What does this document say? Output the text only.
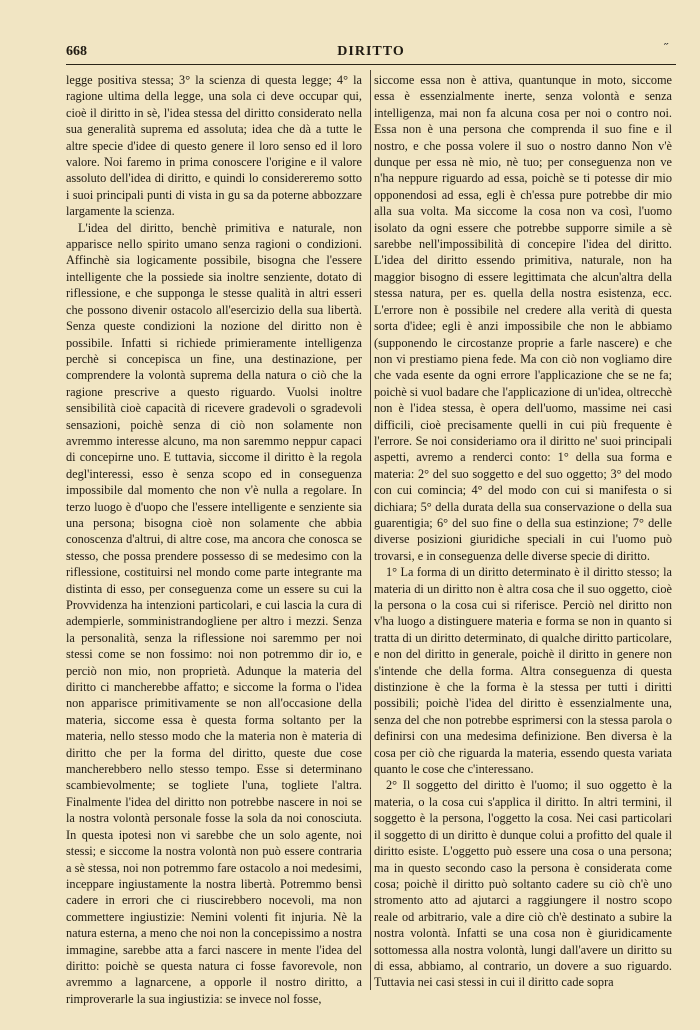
668	DIRITTO	˝

legge positiva stessa; 3° la scienza di questa legge; 4° la ragione ultima della legge, una sola ci deve occupar qui, cioè il diritto in sè, l'idea stessa del diritto considerato nella sua generalità suprema ed assoluta; idea che dà a tutte le altre specie d'idee di questo genere il loro senso ed il loro valore. Noi faremo in prima conoscere l'origine e il valore assoluto dell'idea di diritto, e quindi lo considereremo sotto i suoi principali punti di vista in gu sa da poterne abbozzare largamente la scienza.

L'idea del diritto, benchè primitiva e naturale, non apparisce nello spirito umano senza ragioni o condizioni. Affinchè sia logicamente possibile, bisogna che l'essere intelligente che la possiede sia inoltre senziente, dotato di riflessione, e che supponga le stesse qualità in altri esseri che possono divenir ostacolo all'esercizio della sua libertà. Senza queste condizioni la nozione del diritto non è possibile. Infatti si richiede primieramente intelligenza perchè si concepisca un fine, una destinazione, per comprendere la volontà suprema della natura o ciò che la ragione prescrive a questo riguardo. Vuolsi inoltre sensibilità cioè capacità di ricevere gradevoli o sgradevoli sensazioni, poichè senza di ciò non solamente non avremmo interesse alcuno, ma non saremmo neppur capaci di concepirne uno. E tuttavia, siccome il diritto è la regola degl'interessi, esso è senza scopo ed in conseguenza impossibile dal momento che non v'è nulla a regolare. In terzo luogo è d'uopo che l'essere intelligente e senziente sia una persona; bisogna cioè non solamente che abbia conoscenza d'altrui, di altre cose, ma ancora che conosca se stesso, che possa prendere possesso di se medesimo con la riflessione, costituirsi nel mondo come parte integrante ma distinta di esso, per conseguenza come un essere su cui la Provvidenza ha intenzioni particolari, e cui lascia la cura di adempierle, somministrandogliene per altro i mezzi. Senza la personalità, senza la riflessione noi saremmo per noi stessi come se non fossimo: noi non potremmo dir io, e perciò non mio, non proprietà. Adunque la materia del diritto ci mancherebbe affatto; e siccome la forma o l'idea non apparisce primitivamente se non all'occasione della materia, siccome essa è questa forma soltanto per la materia, nello stesso modo che la materia non è materia di diritto che per la forma del diritto, queste due cose mancherebbero nello stesso tempo. Esse si determinano scambievolmente; se togliete l'una, togliete l'altra. Finalmente l'idea del diritto non potrebbe nascere in noi se la nostra volontà personale fosse la sola da noi conosciuta. In questa ipotesi non vi sarebbe che un solo agente, noi stessi; e siccome la nostra volontà non può essere contraria a sè stessa, noi non potremmo fare ostacolo a noi medesimi, inceppare ingiustamente la nostra libertà. Potremmo bensì cadere in errori che ci riuscirebbero nocevoli, ma non commettere ingiustizie: Nemini volenti fit injuria. Nè la natura esterna, a meno che noi non la concepissimo a nostra immagine, sarebbe atta a farci nascere in mente l'idea del diritto: poichè se questa natura ci fosse favorevole, non avremmo a lagnarcene, a opporle il nostro diritto, a rimproverarle la sua ingiustizia: se invece nol fosse,

siccome essa non è attiva, quantunque in moto, siccome essa è essenzialmente inerte, senza volontà e senza intelligenza, mai non fa alcuna cosa per noi o contro noi. Essa non è una persona che comprenda il suo fine e il nostro, e che possa volere il suo o nostro danno Non v'è dunque per essa nè mio, nè tuo; per conseguenza non ve n'ha neppure riguardo ad essa, poichè se ti potesse dir mio opponendosi ad essa, egli è ch'essa pure potrebbe dir mio alla sua volta. Ma siccome la cosa non va così, l'uomo isolato da ogni essere che potrebbe supporre simile a sè sarebbe nell'impossibilità di concepire l'idea del diritto. L'idea del diritto essendo primitiva, naturale, non ha maggior bisogno di essere legittimata che alcun'altra della stessa natura, per es. quella della nostra esistenza, ecc. L'errore non è possibile nel credere alla verità di questa sorta d'idee; egli è anzi impossibile che non le abbiamo (supponendo le circostanze proprie a farle nascere) e che non vi prestiamo piena fede. Ma con ciò non vogliamo dire che vada esente da ogni errore l'applicazione che se ne fa; poichè si vuol badare che l'applicazione di un'idea, oltrecchè non è l'idea stessa, è opera dell'uomo, massime nei casi difficili, cioè precisamente quelli in cui più frequente è l'errore. Se noi consideriamo ora il diritto ne' suoi principali aspetti, avremo a renderci conto: 1° della sua forma e materia: 2° del suo soggetto e del suo oggetto; 3° del modo con cui comincia; 4° del modo con cui si manifesta o si dichiara; 5° della durata della sua conservazione o della sua guarentigia; 6° del suo fine o della sua estinzione; 7° delle diverse posizioni giuridiche speciali in cui l'uomo può trovarsi, e in conseguenza delle diverse specie di diritto.

1° La forma di un diritto determinato è il diritto stesso; la materia di un diritto non è altra cosa che il suo oggetto, cioè la persona o la cosa cui si riferisce. Perciò nel diritto non v'ha luogo a distinguere materia e forma se non in quanto si tratta di un diritto determinato, di qualche diritto particolare, e non del diritto in generale, poichè il diritto in genere non s'intende che della forma. Altra conseguenza di questa distinzione è che la forma è la stessa per tutti i diritti possibili; poichè l'idea del diritto è essenzialmente una, senza del che non potrebbe esprimersi con la stessa parola o definirsi con una medesima definizione. Ben diversa è la cosa per ciò che riguarda la materia, essendo questa variata quanto le cose che c'interessano.

2° Il soggetto del diritto è l'uomo; il suo oggetto è la materia, o la cosa cui s'applica il diritto. In altri termini, il soggetto è la persona, l'oggetto la cosa. Nei casi particolari il soggetto di un diritto è dunque colui a profitto del quale il diritto esiste. L'oggetto può essere una cosa o una persona; ma in questo secondo caso la persona è considerata come cosa; poichè il diritto può soltanto cadere su ciò ch'è uno stromento atto ad ajutarci a raggiungere il nostro scopo reale od arbitrario, vale a dire ciò ch'è destinato a subire la nostra volontà. Infatti se una cosa non è giuridicamente sottomessa alla nostra volontà, lungi dall'avere un diritto su di essa, abbiamo, al contrario, un dovere a suo riguardo. Tuttavia nei casi stessi in cui il diritto cade sopra
